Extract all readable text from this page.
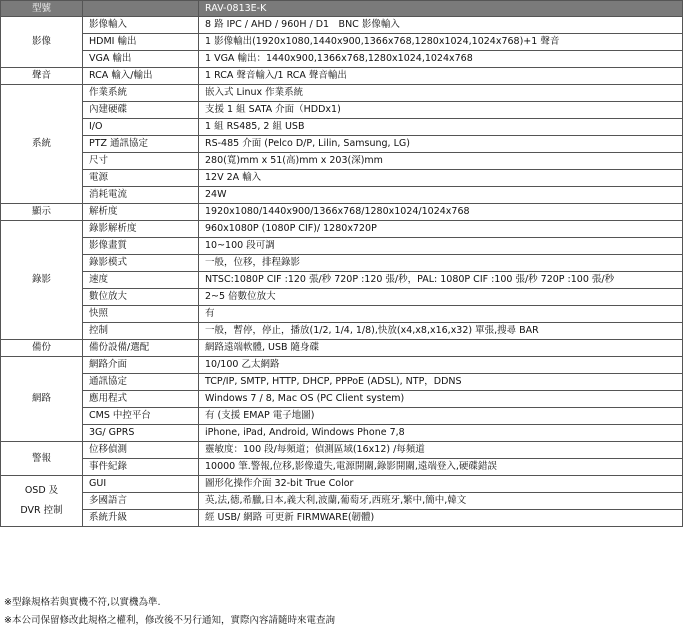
型號		RAV-0813E-K
影像	影像輸入	8 路 IPC / AHD / 960H / D1　BNC 影像輸入
	HDMI 輸出	1 影像輸出(1920x1080,1440x900,1366x768,1280x1024,1024x768)+1 聲音
	VGA 輸出	1 VGA 輸出：1440x900,1366x768,1280x1024,1024x768
聲音	RCA 輸入/輸出	1 RCA 聲音輸入/1 RCA 聲音輸出
系統	作業系統	嵌入式 Linux 作業系統
	內建硬碟	支援 1 組 SATA 介面（HDDx1)
	I/O	1 組 RS485, 2 組 USB
	PTZ 通訊協定	RS-485 介面 (Pelco D/P, Lilin, Samsung, LG)
	尺寸	280(寬)mm x 51(高)mm x 203(深)mm
	電源	12V 2A 輸入
	消耗電流	24W
顯示	解析度	1920x1080/1440x900/1366x768/1280x1024/1024x768
錄影	錄影解析度	960x1080P (1080P CIF)/ 1280x720P
	影像畫質	10~100 段可調
	錄影模式	一般，位移，排程錄影
	速度	NTSC:1080P CIF :120 張/秒 720P :120 張/秒，PAL: 1080P CIF :100 張/秒 720P :100 張/秒
	數位放大	2~5 倍數位放大
	快照	有
	控制	一般，暫停，停止，播放(1/2, 1/4, 1/8),快放(x4,x8,x16,x32) 單張,搜尋 BAR
備份	備份設備/選配	網路遠端軟體, USB 隨身碟
網路	網路介面	10/100 乙太網路
	通訊協定	TCP/IP, SMTP, HTTP, DHCP, PPPoE (ADSL), NTP，DDNS
	應用程式	Windows 7 / 8, Mac OS (PC Client system)
	CMS 中控平台	有 (支援 EMAP 電子地圖)
	3G/ GPRS	iPhone, iPad, Android, Windows Phone 7,8
警報	位移偵測	靈敏度：100 段/每頻道；偵測區域(16x12) /每頻道
	事件紀錄	10000 筆.警報,位移,影像遺失,電源開關,錄影開關,遠端登入,硬碟錯誤

OSD 及
DVR 控制	GUI	圖形化操作介面 32-bit True Color
	多國語言	英,法,德,希臘,日本,義大利,波蘭,葡萄牙,西班牙,繁中,簡中,韓文
	系統升級	經 USB/ 網路 可更新 FIRMWARE(韌體)
※型錄規格若與實機不符,以實機為準.
※本公司保留修改此規格之權利，修改後不另行通知，實際內容請隨時來電查詢
